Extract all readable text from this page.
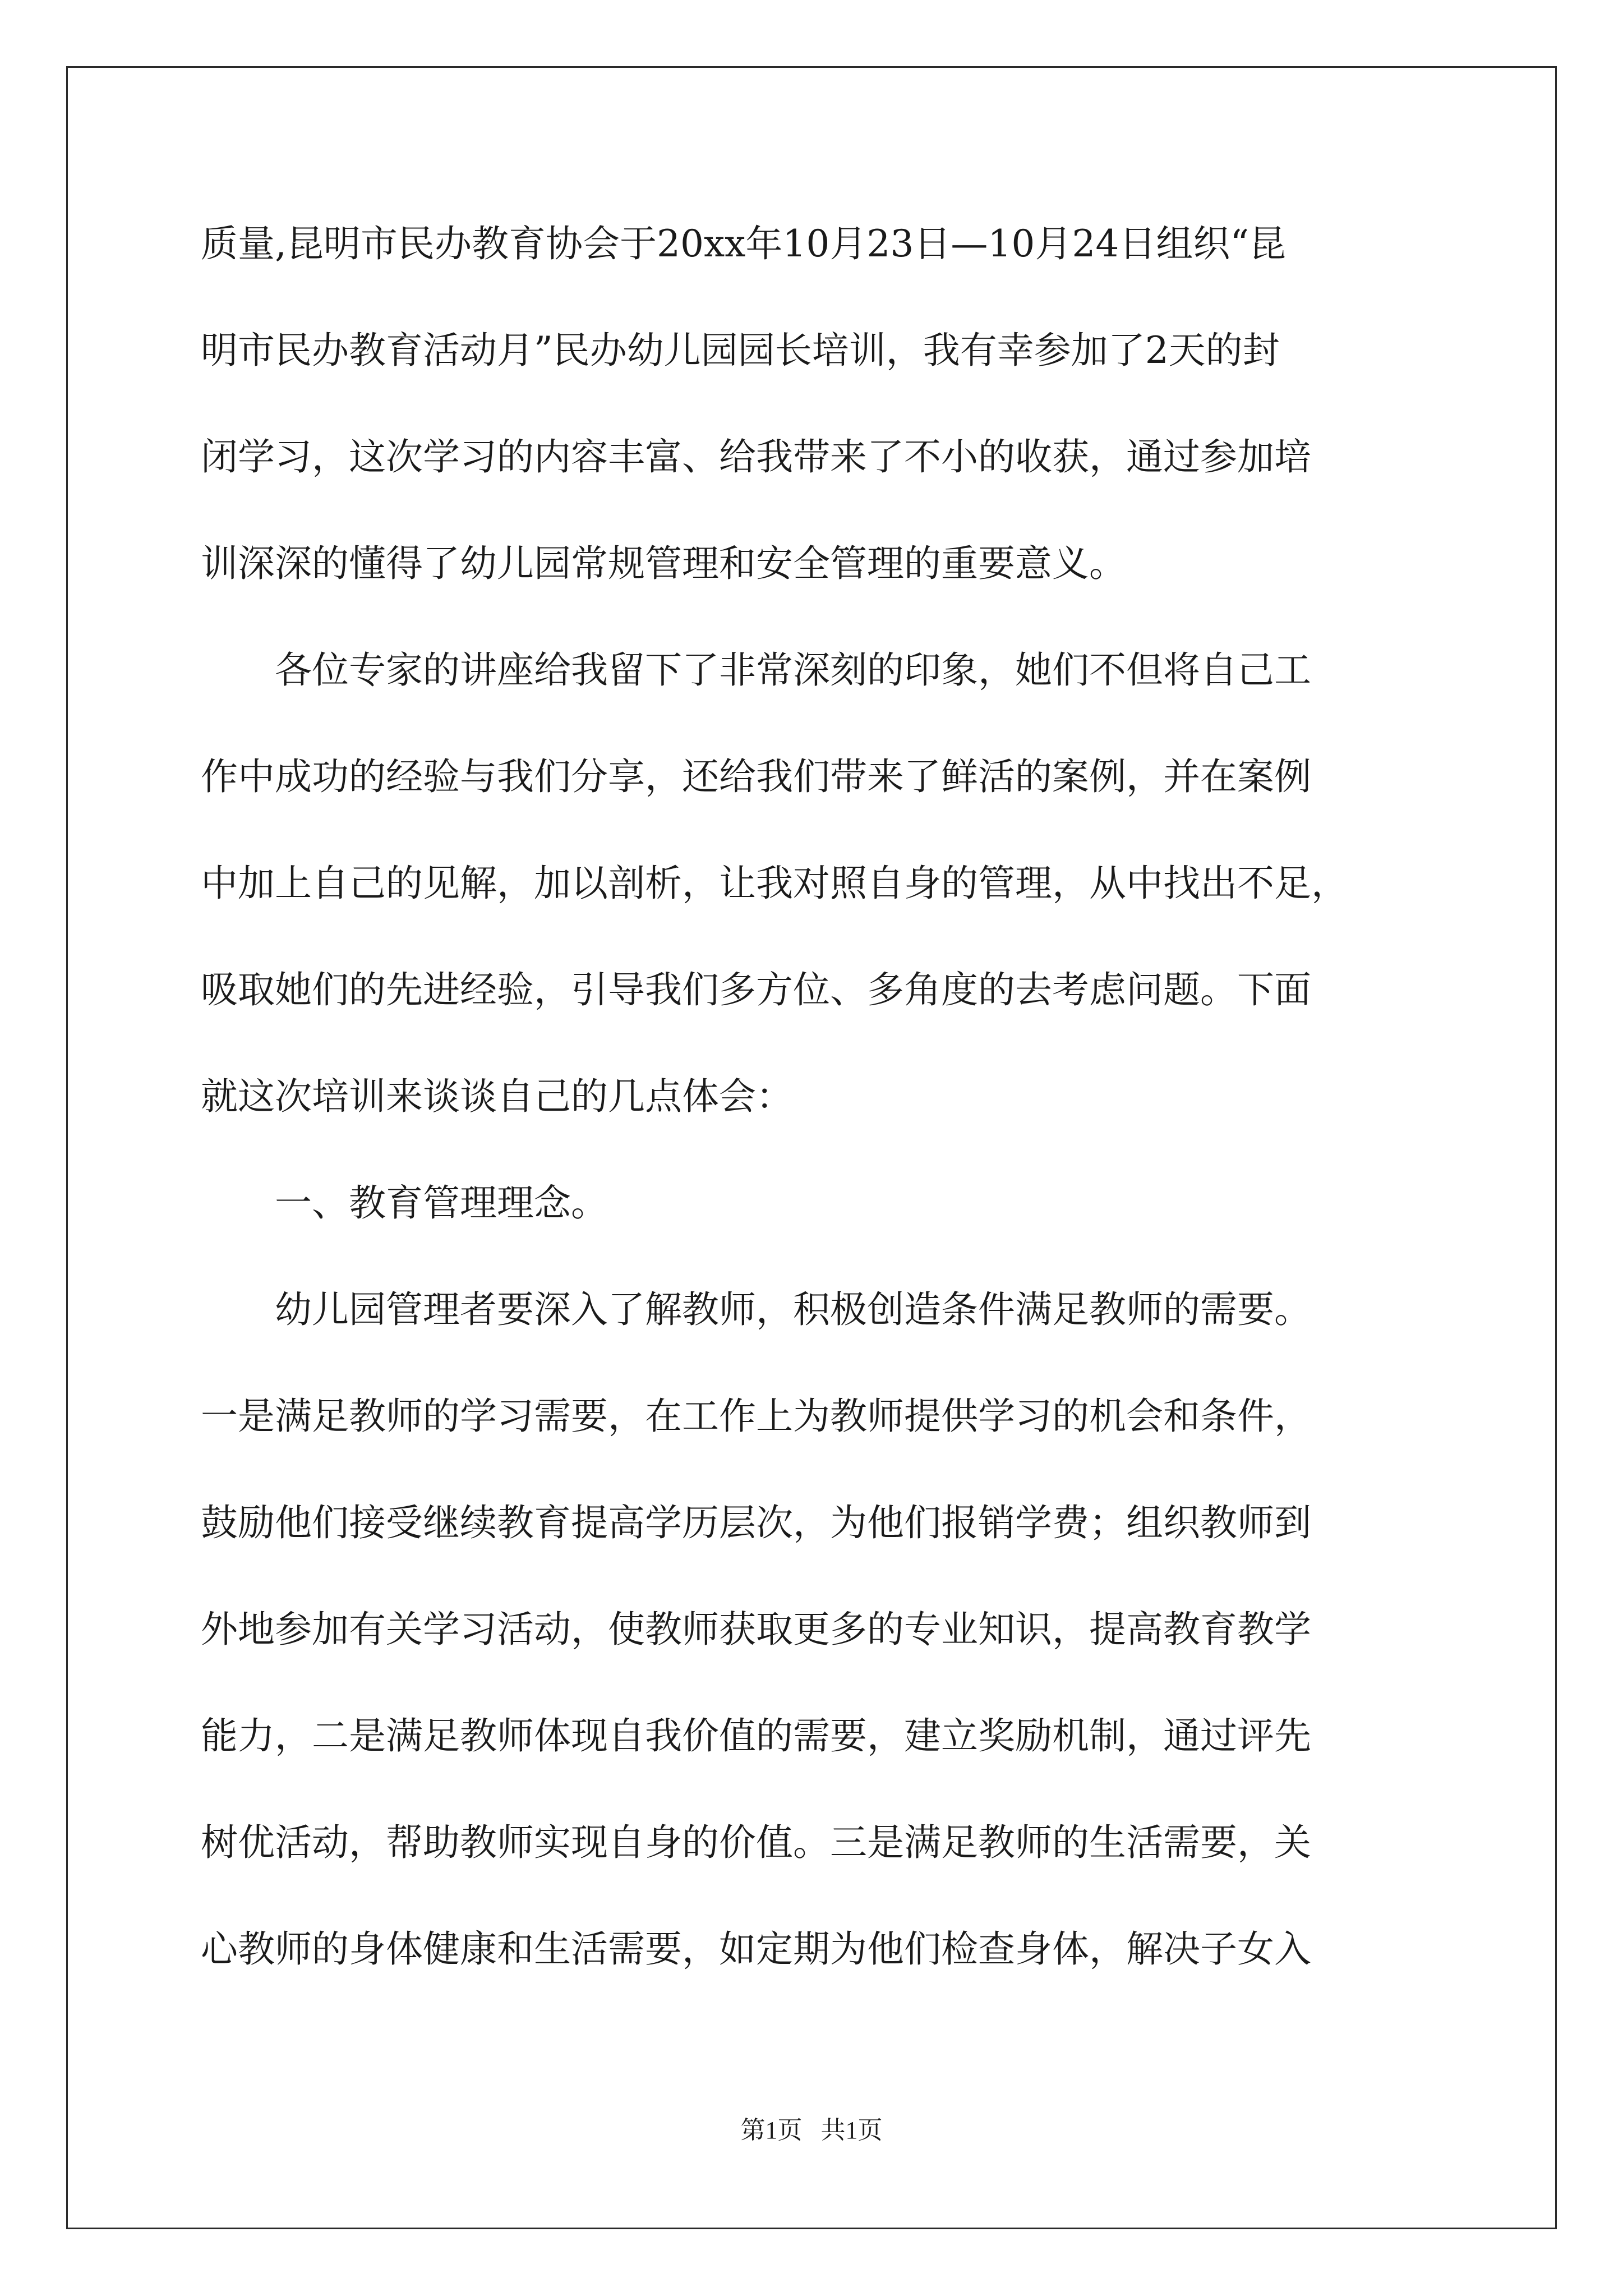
质量,昆明市民办教育协会于20xx年10月23日—10月24日组织“昆
明市民办教育活动月”民办幼儿园园长培训，我有幸参加了2天的封
闭学习，这次学习的内容丰富、给我带来了不小的收获，通过参加培
训深深的懂得了幼儿园常规管理和安全管理的重要意义。
各位专家的讲座给我留下了非常深刻的印象，她们不但将自己工
作中成功的经验与我们分享，还给我们带来了鲜活的案例，并在案例
中加上自己的见解，加以剖析，让我对照自身的管理，从中找出不足，
吸取她们的先进经验，引导我们多方位、多角度的去考虑问题。下面
就这次培训来谈谈自己的几点体会：
一、教育管理理念。
幼儿园管理者要深入了解教师，积极创造条件满足教师的需要。
一是满足教师的学习需要，在工作上为教师提供学习的机会和条件，
鼓励他们接受继续教育提高学历层次，为他们报销学费；组织教师到
外地参加有关学习活动，使教师获取更多的专业知识，提高教育教学
能力，二是满足教师体现自我价值的需要，建立奖励机制，通过评先
树优活动，帮助教师实现自身的价值。三是满足教师的生活需要，关
心教师的身体健康和生活需要，如定期为他们检查身体，解决子女入
第1页   共1页
